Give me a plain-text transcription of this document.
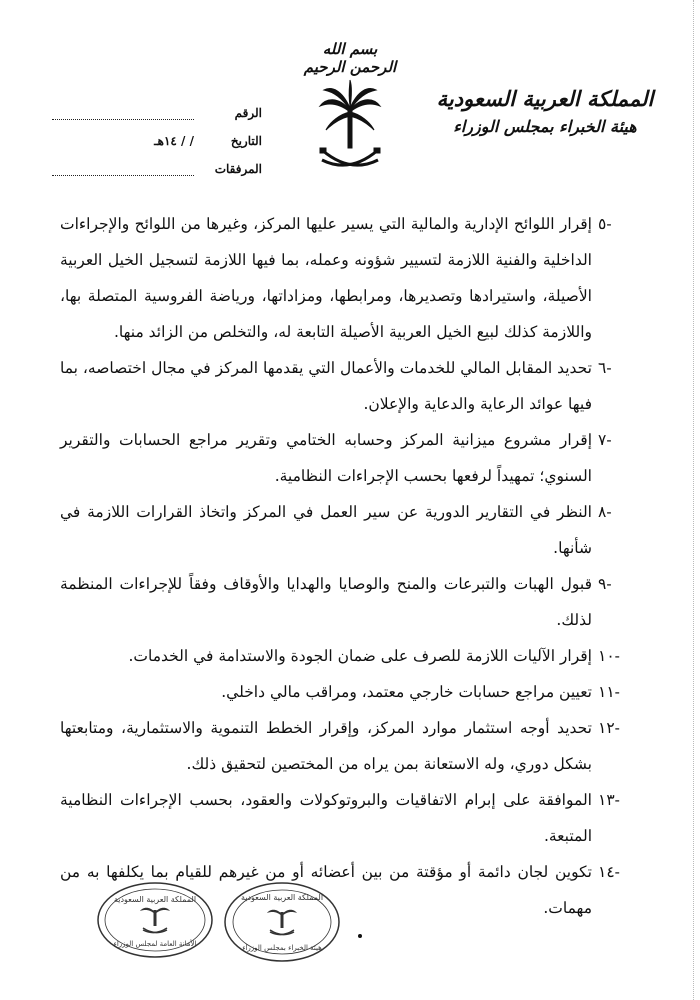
بسم الله الرحمن الرحيم
المملكة العربية السعودية
هيئة الخبراء بمجلس الوزراء
الرقم
التاريخ
/ / ١٤هـ
المرفقات
-٥
إقرار اللوائح الإدارية والمالية التي يسير عليها المركز، وغيرها من اللوائح والإجراءات الداخلية والفنية اللازمة لتسيير شؤونه وعمله، بما فيها اللازمة لتسجيل الخيل العربية الأصيلة، واستيرادها وتصديرها، ومرابطها، ومزاداتها، ورياضة الفروسية المتصلة بها، واللازمة كذلك لبيع الخيل العربية الأصيلة التابعة له، والتخلص من الزائد منها.
-٦
تحديد المقابل المالي للخدمات والأعمال التي يقدمها المركز في مجال اختصاصه، بما فيها عوائد الرعاية والدعاية والإعلان.
-٧
إقرار مشروع ميزانية المركز وحسابه الختامي وتقرير مراجع الحسابات والتقرير السنوي؛ تمهيداً لرفعها بحسب الإجراءات النظامية.
-٨
النظر في التقارير الدورية عن سير العمل في المركز واتخاذ القرارات اللازمة في شأنها.
-٩
قبول الهبات والتبرعات والمنح والوصايا والهدايا والأوقاف وفقاً للإجراءات المنظمة لذلك.
-١٠
إقرار الآليات اللازمة للصرف على ضمان الجودة والاستدامة في الخدمات.
-١١
تعيين مراجع حسابات خارجي معتمد، ومراقب مالي داخلي.
-١٢
تحديد أوجه استثمار موارد المركز، وإقرار الخطط التنموية والاستثمارية، ومتابعتها بشكل دوري، وله الاستعانة بمن يراه من المختصين لتحقيق ذلك.
-١٣
الموافقة على إبرام الاتفاقيات والبروتوكولات والعقود، بحسب الإجراءات النظامية المتبعة.
-١٤
تكوين لجان دائمة أو مؤقتة من بين أعضائه أو من غيرهم للقيام بما يكلفها به من مهمات.
المملكة العربية السعودية
الأمانة العامة لمجلس الوزراء
المملكة العربية السعودية
هيئة الخبراء بمجلس الوزراء
